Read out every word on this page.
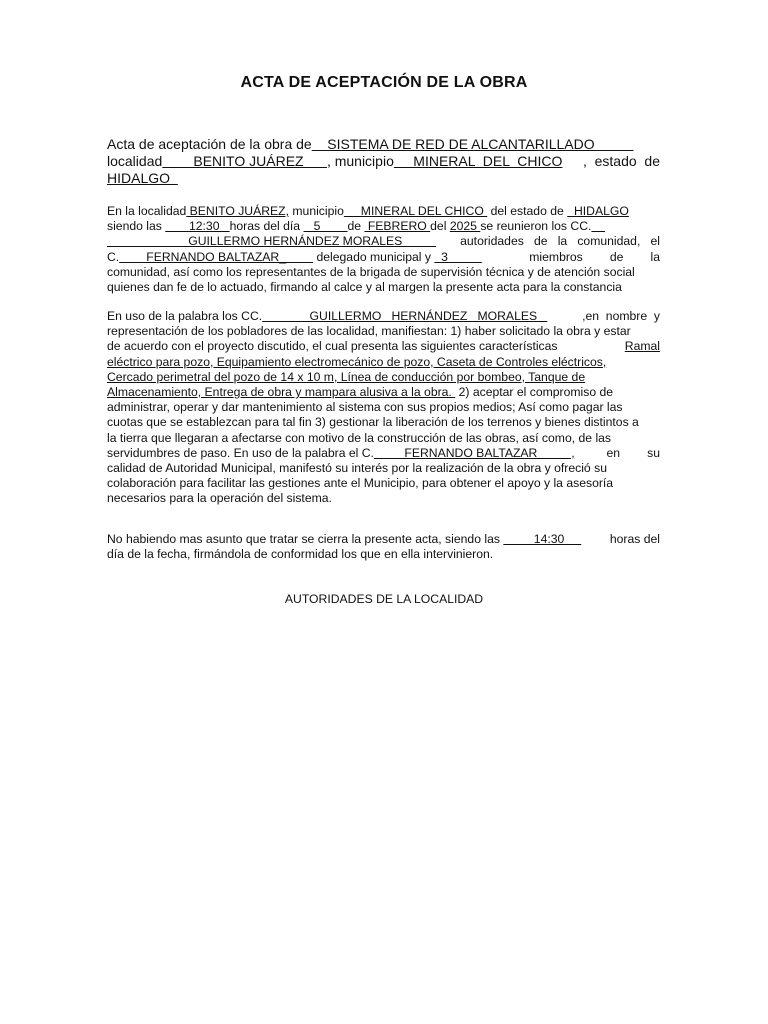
ACTA DE ACEPTACIÓN DE LA OBRA
Acta de aceptación de la obra de    SISTEMA DE RED DE ALCANTARILLADO
localidad        BENITO JUÁREZ      , municipio     MINERAL  DEL  CHICO ,  estado  de
HIDALGO
En la localidad BENITO JUÁREZ, municipio     MINERAL DEL CHICO  del estado de   HIDALGO
siendo las        12:30   horas del día    5        de  FEBRERO del 2025 se reunieron los CC.
GUILLERMO HERNÁNDEZ MORALES autoridades   de   la   comunidad,   el
C.        FERNANDO BALTAZAR_         delegado municipal y   3	miembros        de        la
comunidad, así como los representantes de la brigada de supervisión técnica y de atención social
quienes dan fe de lo actuado, firmando al calce y al margen la presente acta para la constancia
En uso de la palabra los CC.              GUILLERMO   HERNÁNDEZ   MORALES	,en  nombre  y
representación de los pobladores de las localidad, manifiestan: 1) haber solicitado la obra y estar
de acuerdo con el proyecto discutido, el cual presenta las siguientes características	Ramal
eléctrico para pozo, Equipamiento electromecánico de pozo, Caseta de Controles eléctricos,
Cercado perimetral del pozo de 14 x 10 m, Línea de conducción por bombeo, Tanque de
Almacenamiento, Entrega de obra y mampara alusiva a la obra.  2) aceptar el compromiso de
administrar, operar y dar mantenimiento al sistema con sus propios medios; Así como pagar las
cuotas que se establezcan para tal fin 3) gestionar la liberación de los terrenos y bienes distintos a
la tierra que llegaran a afectarse con motivo de la construcción de las obras, así como, de las
servidumbres de paso. En uso de la palabra el C.         FERNANDO BALTAZAR          ,	en        su
calidad de Autoridad Municipal, manifestó su interés por la realización de la obra y ofreció su
colaboración para facilitar las gestiones ante el Municipio, para obtener el apoyo y la asesoría
necesarios para la operación del sistema.
No habiendo mas asunto que tratar se cierra la presente acta, siendo las          14:30 horas del
día de la fecha, firmándola de conformidad los que en ella intervinieron.
AUTORIDADES DE LA LOCALIDAD
